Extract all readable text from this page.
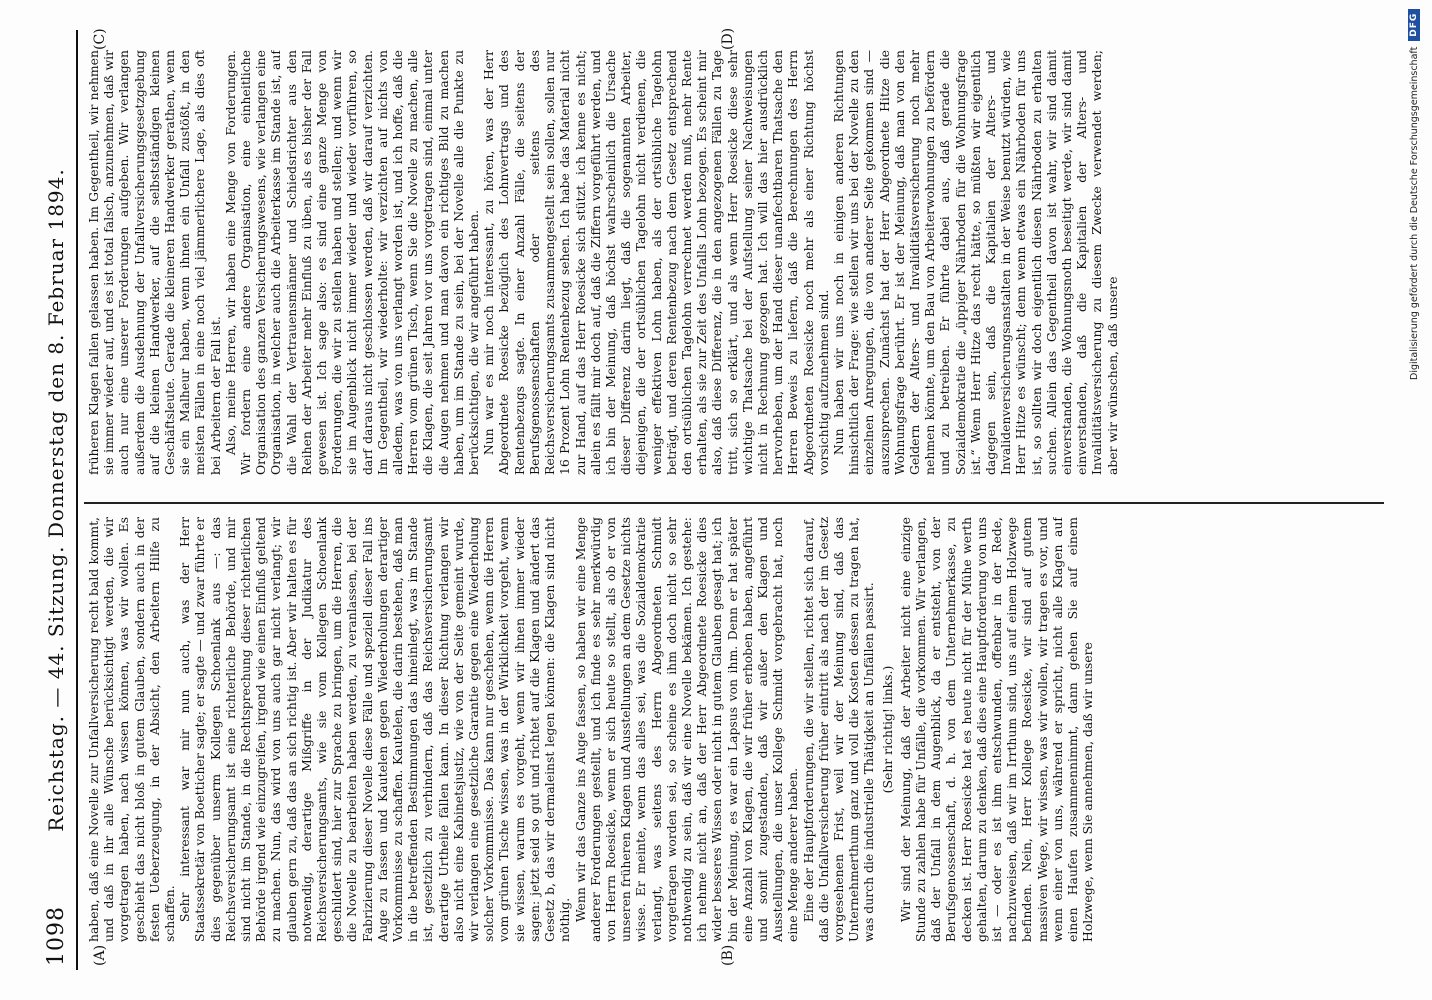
1098
Reichstag. — 44. Sitzung. Donnerstag den 8. Februar 1894.
(A)	(B)
(C)	(D)

haben, daß eine Novelle zur Unfallversicherung recht bald kommt, und daß in ihr alle Wünsche berücksichtigt werden, die wir vorgetragen haben, nach wissen können, was wir wollen. Es geschieht das nicht bloß in gutem Glauben, sondern auch in der festen Ueberzeugung, in der Absicht, den Arbeitern Hilfe zu schaffen. Sehr interessant war mir nun auch, was der Herr Staatssekretär von Boetticher sagte; er sagte — und zwar führte er dies gegenüber unserm Kollegen Schoenlank aus —: das Reichsversicherungsamt ist eine richterliche Behörde, und mir sind nicht im Stande, in die Rechtsprechung dieser richterlichen Behörde irgend wie einzugreifen, irgend wie einen Einfluß geltend zu machen. Nun, das wird von uns auch gar nicht verlangt; wir glauben gern zu, daß das an sich richtig ist. Aber wir halten es für notwendig, derartige Mißgriffe in der Judikatur des Reichsversicherungsamts, wie sie vom Kollegen Schoenlank geschildert sind, hier zur Sprache zu bringen, um die Herren, die die Novelle zu bearbeiten haben werden, zu veranlassen, bei der Fabrizierung dieser Novelle diese Fälle und speziell dieser Fall ins Auge zu fassen und Kautelen gegen Wiederholungen derartiger Vorkommnisse zu schaffen. Kautelen, die darin bestehen, daß man in die betreffenden Bestimmungen das hineinlegt, was im Stande ist, gesetzlich zu verhindern, daß das Reichsversicherungsamt derartige Urtheile fällen kann. In dieser Richtung verlangen wir also nicht eine Kabinetsjustiz, wie von der Seite gemeint wurde, wir verlangen eine gesetzliche Garantie gegen eine Wiederholung solcher Vorkommnisse. Das kann nur geschehen, wenn die Herren vom grünen Tische wissen, was in der Wirklichkeit vorgeht, wenn sie wissen, warum es vorgeht, wenn wir ihnen immer wieder sagen: jetzt seid so gut und richtet auf die Klagen und ändert das Gesetz b, das wir dermaleinst legen können: die Klagen sind nicht nöthig. Wenn wir das Ganze ins Auge fassen, so haben wir eine Menge anderer Forderungen gestellt, und ich finde es sehr merkwürdig von Herrn Roesicke, wenn er sich heute so stellt, als ob er von unseren früheren Klagen und Ausstellungen an dem Gesetze nichts wisse. Er meinte, wenn das alles sei, was die Sozialdemokratie verlangt, was seitens des Herrn Abgeordneten Schmidt vorgetragen worden sei, so scheine es ihm doch nicht so sehr nothwendig zu sein, daß wir eine Novelle bekämen. Ich gestehe: ich nehme nicht an, daß der Herr Abgeordnete Roesicke dies wider besseres Wissen oder nicht in gutem Glauben gesagt hat; ich bin der Meinung, es war ein Lapsus von ihm. Denn er hat später eine Anzahl von Klagen, die wir früher erhoben haben, angeführt und somit zugestanden, daß wir außer den Klagen und Ausstellungen, die unser Kollege Schmidt vorgebracht hat, noch eine Menge anderer haben. Eine der Hauptforderungen, die wir stellen, richtet sich darauf, daß die Unfallversicherung früher eintritt als nach der im Gesetz vorgesehenen Frist, weil wir der Meinung sind, daß das Unternehmerthum ganz und voll die Kosten dessen zu tragen hat, was durch die industrielle Thätigkeit an Unfällen passirt. (Sehr richtig! links.) Wir sind der Meinung, daß der Arbeiter nicht eine einzige Stunde zu zahlen habe für Unfälle, die vorkommen. Wir verlangen, daß der Unfall in dem Augenblick, da er entsteht, von der Berufsgenossenschaft, d. h. von dem Unternehmerkasse, zu decken ist. Herr Roesicke hat es heute nicht für der Mühe werth gehalten, darum zu denken, daß dies eine Hauptforderung von uns ist — oder es ist ihm entschwunden, offenbar in der Rede, nachzuweisen, daß wir im Irrthum sind, uns auf einem Holzwege befinden. Nein, Herr Kollege Roesicke, wir sind auf gutem massiven Wege, wir wissen, was wir wollen, wir tragen es vor, und wenn einer von uns, während er spricht, nicht alle Klagen auf einen Haufen zusammennimmt, dann gehen Sie auf einem Holzwege, wenn Sie annehmen, daß wir unsere

früheren Klagen fallen gelassen haben. Im Gegentheil, wir nehmen sie immer wieder auf, und es ist total falsch, anzunehmen, daß wir auch nur eine unserer Forderungen aufgeben. Wir verlangen außerdem die Ausdehnung der Unfallversicherungsgesetzgebung auf die kleinen Handwerker, auf die selbstständigen kleinen Geschäftsleute. Gerade die kleineren Handwerker gerathen, wenn sie ein Malheur haben, wenn ihnen ein Unfall zustößt, in den meisten Fällen in eine noch viel jämmerlichere Lage, als dies oft bei Arbeitern der Fall ist. Also, meine Herren, wir haben eine Menge von Forderungen. Wir fordern eine andere Organisation, eine einheitliche Organisation des ganzen Versicherungswesens, wie verlangen eine Organisation, in welcher auch die Arbeiterkasse im Stande ist, auf die Wahl der Vertrauensmänner und Schiedsrichter aus den Reihen der Arbeiter mehr Einfluß zu üben, als es bisher der Fall gewesen ist. Ich sage also: es sind eine ganze Menge von Forderungen, die wir zu stellen haben und stellen; und wenn wir sie im Augenblick nicht immer wieder und wieder vorführen, so darf daraus nicht geschlossen werden, daß wir darauf verzichten. Im Gegentheil, wir wiederholte: wir verzichten auf nichts von alledem, was von uns verlangt worden ist, und ich hoffe, daß die Herren vom grünen Tisch, wenn Sie die Novelle zu machen, alle die Klagen, die seit Jahren vor uns vorgetragen sind, einmal unter die Augen nehmen und man davon ein richtiges Bild zu machen haben, um im Stande zu sein, bei der Novelle alle die Punkte zu berücksichtigen, die wir angeführt haben. Nun war es mir noch interessant, zu hören, was der Herr Abgeordnete Roesicke bezüglich des Lohnvertrags und des Rentenbezugs sagte. In einer Anzahl Fälle, die seitens der Berufsgenossenschaften oder seitens des Reichsversicherungsamts zusammengestellt sein sollen, sollen nur 16 Prozent Lohn Rentenbezug sehen. Ich habe das Material nicht zur Hand, auf das Herr Roesicke sich stützt. ich kenne es nicht; allein es fällt mir doch auf, daß die Ziffern vorgeführt werden, und ich bin der Meinung, daß höchst wahrscheinlich die Ursache dieser Differenz darin liegt, daß die sogenannten Arbeiter, diejenigen, die der ortsüblichen Tagelohn nicht verdienen, die weniger effektiven Lohn haben, als der ortsübliche Tagelohn beträgt, und deren Rentenbezug nach dem Gesetz entsprechend den ortsüblichen Tagelohn verrechnet werden muß, mehr Rente erhalten, als sie zur Zeit des Unfalls Lohn bezogen. Es scheint mir also, daß diese Differenz, die in den angezogenen Fällen zu Tage tritt, sich so erklärt, und als wenn Herr Roesicke diese sehr wichtige Thatsache bei der Aufstellung seiner Nachweisungen nicht in Rechnung gezogen hat. Ich will das hier ausdrücklich hervorheben, um der Hand dieser unanfechtbaren Thatsache den Herren Beweis zu liefern, daß die Berechnungen des Herrn Abgeordneten Roesicke noch mehr als einer Richtung höchst vorsichtig aufzunehmen sind. Nun haben wir uns noch in einigen anderen Richtungen hinsichtlich der Frage: wie stellen wir uns bei der Novelle zu den einzelnen Anregungen, die von anderer Seite gekommen sind — auszusprechen. Zunächst hat der Herr Abgeordnete Hitze die Wohnungsfrage berührt. Er ist der Meinung, daß man von den Geldern der Alters- und Invaliditätsversicherung noch mehr nehmen könnte, um den Bau von Arbeiterwohnungen zu befördern und zu betreiben. Er führte dabei aus, daß gerade die Sozialdemokratie die „üppiger Nährboden für die Wohnungsfrage ist.“ Wenn Herr Hitze das recht hätte, so müßten wir eigentlich dagegen sein, daß die Kapitalien der Alters- und Invalidenversicherungsanstalten in der Weise benutzt würden, wie Herr Hitze es wünscht; denn wenn etwas ein Nährboden für uns ist, so sollten wir doch eigentlich diesen Nährboden zu erhalten suchen. Allein das Gegentheil davon ist wahr, wir sind damit einverstanden, die Wohnungsnoth beseitigt werde, wir sind damit einverstanden, daß die Kapitalien der Alters- und Invaliditätsversicherung zu diesem Zwecke verwendet werden; aber wir wünschen, daß unsere	Digitalisierung gefördert durch die Deutsche Forschungsgemeinschaft
DFG
